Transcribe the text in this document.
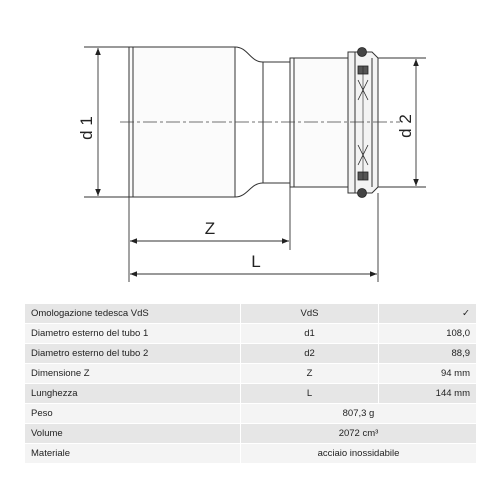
d 1	d 2
Z
L
Omologazione tedesca VdS	VdS	✓
Diametro esterno del tubo 1	d1	108,0
Diametro esterno del tubo 2	d2	88,9
Dimensione Z	Z	94 mm
Lunghezza	L	144 mm
Peso	807,3 g	
Volume	2072 cm³	
Materiale	acciaio inossidabile	
